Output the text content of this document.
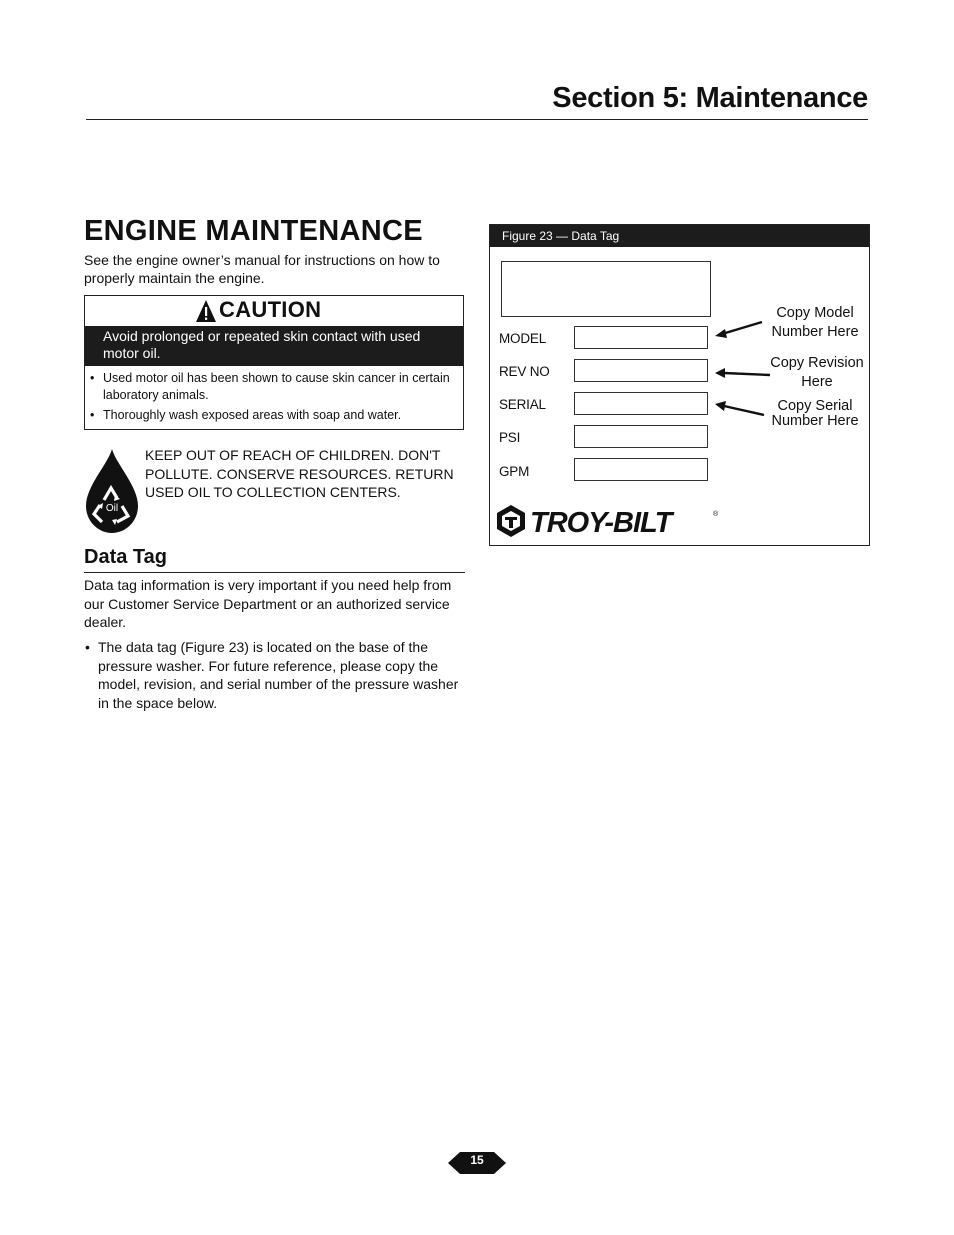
Section 5: Maintenance
ENGINE MAINTENANCE
See the engine owner’s manual for instructions on how to properly maintain the engine.
CAUTION
Avoid prolonged or repeated skin contact with used motor oil.
• Used motor oil has been shown to cause skin cancer in certain laboratory animals.
• Thoroughly wash exposed areas with soap and water.
Oil
KEEP OUT OF REACH OF CHILDREN. DON'T POLLUTE. CONSERVE RESOURCES. RETURN USED OIL TO COLLECTION CENTERS.
Data Tag
Data tag information is very important if you need help from our Customer Service Department or an authorized service dealer.
• The data tag (Figure 23) is located on the base of the pressure washer. For future reference, please copy the model, revision, and serial number of the pressure washer in the space below.
Figure 23 — Data Tag
MODEL
REV NO
SERIAL
PSI
GPM
Copy Model
Number Here
Copy Revision
Here
Copy Serial
Number Here
TROY-BILT	®
15
